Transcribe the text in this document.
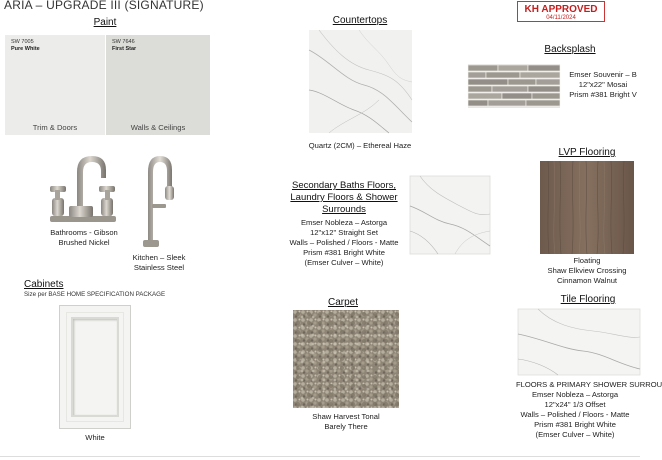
ARIA – UPGRADE III (SIGNATURE)	KH APPROVED
04/11/2024
Paint
SW 7005
Pure White
Trim & Doors
SW 7646
First Star
Walls & Ceilings
Bathrooms - Gibson
Brushed Nickel
Kitchen – Sleek
Stainless Steel
Cabinets
Size per BASE HOME SPECIFICATION PACKAGE
White
Countertops
Quartz (2CM) – Ethereal Haze
Secondary Baths Floors,
Laundry Floors & Shower
Surrounds
Emser Nobleza – Astorga
12"x12" Straight Set
Walls – Polished / Floors - Matte
Prism #381 Bright White
(Emser Culver – White)
Carpet
Shaw Harvest Tonal
Barely There
Backsplash
Emser Souvenir – B
12"x22" Mosai
Prism #381 Bright V
LVP Flooring
Floating
Shaw Elkview Crossing
Cinnamon Walnut
Tile Flooring
FLOORS & PRIMARY SHOWER SURROU
Emser Nobleza – Astorga
12"x24" 1/3 Offset
Walls – Polished / Floors - Matte
Prism #381 Bright White
(Emser Culver – White)
